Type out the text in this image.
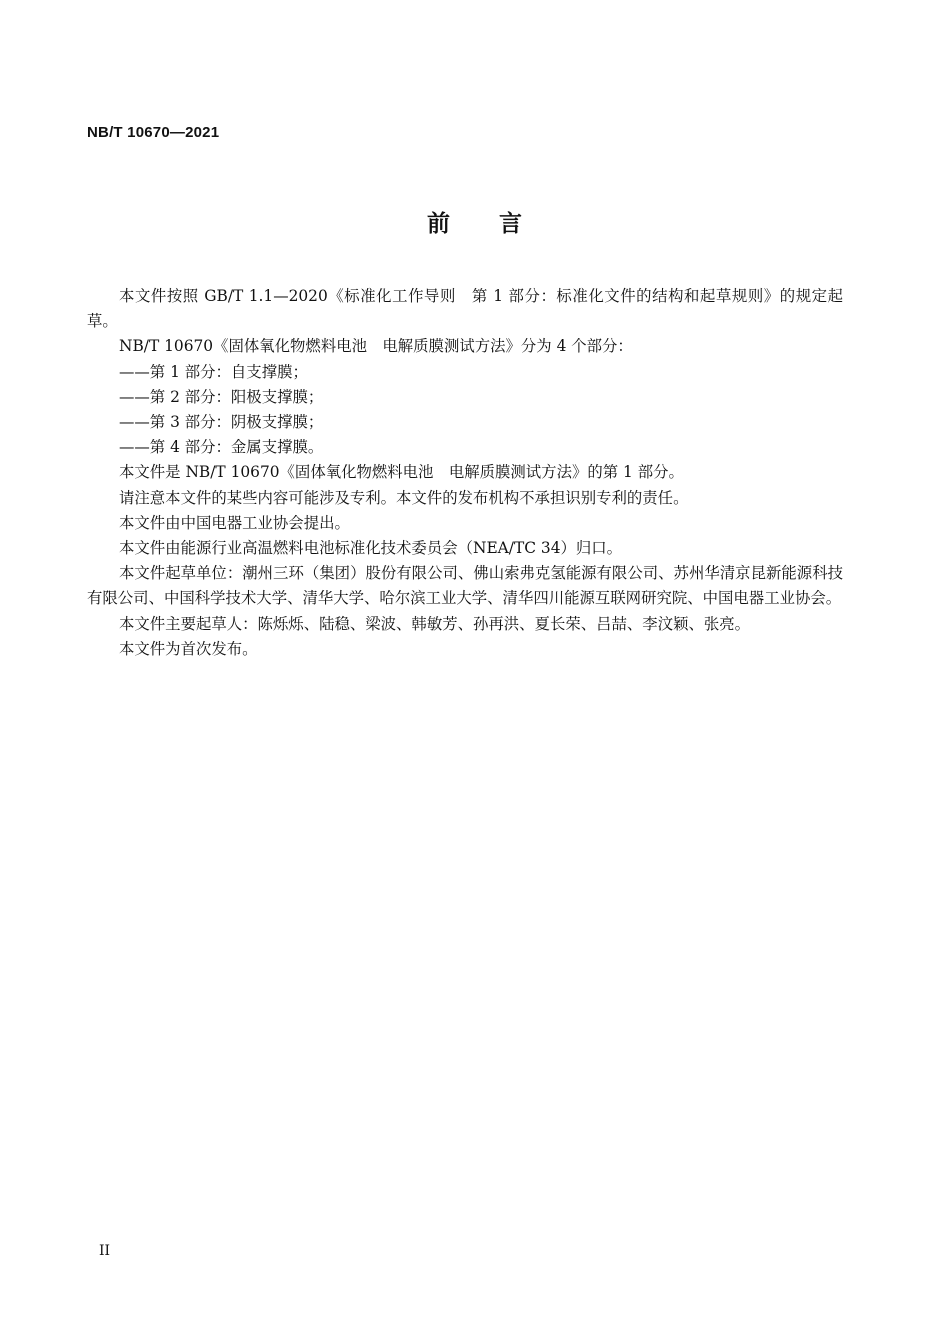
NB/T 10670—2021
前　　言

本文件按照 GB/T 1.1—2020《标准化工作导则　第 1 部分：标准化文件的结构和起草规则》的规定起草。

NB/T 10670《固体氧化物燃料电池　电解质膜测试方法》分为 4 个部分：

——第 1 部分：自支撑膜；

——第 2 部分：阳极支撑膜；

——第 3 部分：阴极支撑膜；

——第 4 部分：金属支撑膜。

本文件是 NB/T 10670《固体氧化物燃料电池　电解质膜测试方法》的第 1 部分。

请注意本文件的某些内容可能涉及专利。本文件的发布机构不承担识别专利的责任。

本文件由中国电器工业协会提出。

本文件由能源行业高温燃料电池标准化技术委员会（NEA/TC 34）归口。

本文件起草单位：潮州三环（集团）股份有限公司、佛山索弗克氢能源有限公司、苏州华清京昆新能源科技有限公司、中国科学技术大学、清华大学、哈尔滨工业大学、清华四川能源互联网研究院、中国电器工业协会。

本文件主要起草人：陈烁烁、陆稳、梁波、韩敏芳、孙再洪、夏长荣、吕喆、李汶颖、张亮。

本文件为首次发布。

II
